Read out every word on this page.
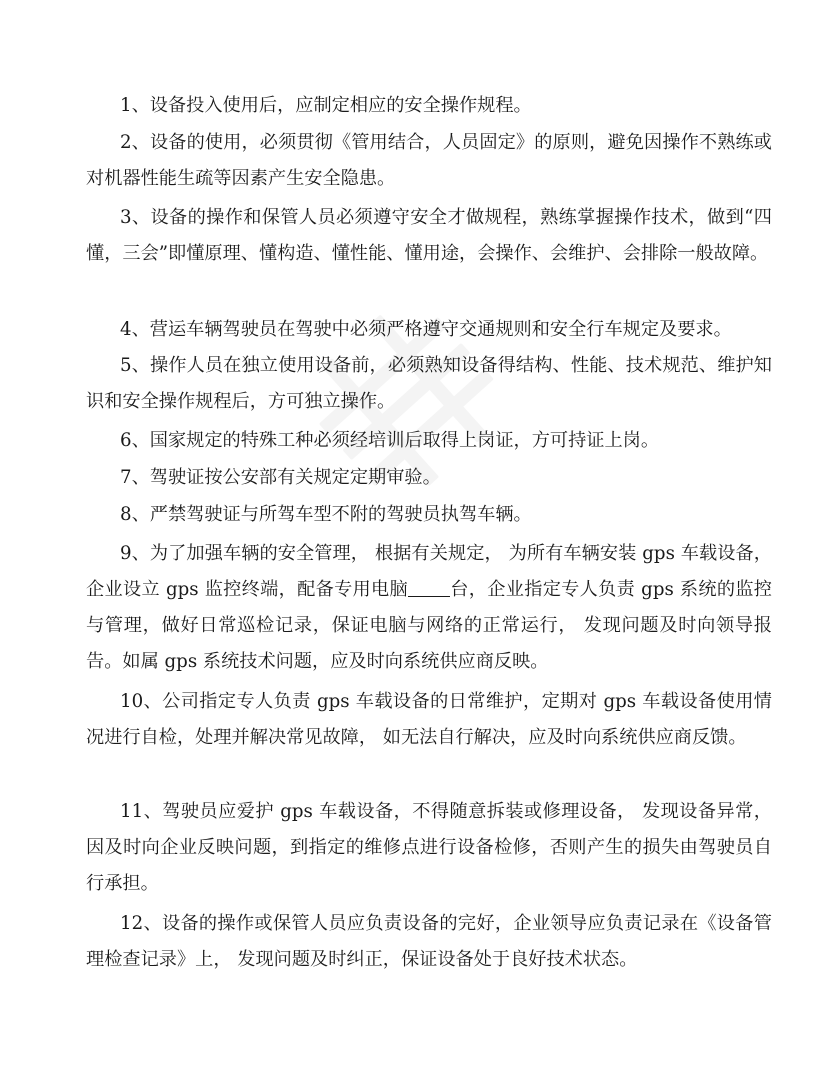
1、设备投入使用后，应制定相应的安全操作规程。

2、设备的使用，必须贯彻《管用结合，人员固定》的原则，避免因操作不熟练或对机器性能生疏等因素产生安全隐患。

3、设备的操作和保管人员必须遵守安全才做规程，熟练掌握操作技术，做到“四懂，三会”即懂原理、懂构造、懂性能、懂用途，会操作、会维护、会排除一般故障。

4、营运车辆驾驶员在驾驶中必须严格遵守交通规则和安全行车规定及要求。

5、操作人员在独立使用设备前，必须熟知设备得结构、性能、技术规范、维护知识和安全操作规程后，方可独立操作。

6、国家规定的特殊工种必须经培训后取得上岗证，方可持证上岗。

7、驾驶证按公安部有关规定定期审验。

8、严禁驾驶证与所驾车型不附的驾驶员执驾车辆。

9、为了加强车辆的安全管理， 根据有关规定， 为所有车辆安装 gps 车载设备， 企业设立 gps 监控终端，配备专用电脑 台，企业指定专人负责 gps 系统的监控与管理，做好日常巡检记录，保证电脑与网络的正常运行， 发现问题及时向领导报告。如属 gps 系统技术问题，应及时向系统供应商反映。

10、公司指定专人负责 gps 车载设备的日常维护，定期对 gps 车载设备使用情况进行自检，处理并解决常见故障， 如无法自行解决，应及时向系统供应商反馈。

11、驾驶员应爱护 gps 车载设备，不得随意拆装或修理设备， 发现设备异常，因及时向企业反映问题，到指定的维修点进行设备检修，否则产生的损失由驾驶员自行承担。

12、设备的操作或保管人员应负责设备的完好，企业领导应负责记录在《设备管理检查记录》上， 发现问题及时纠正，保证设备处于良好技术状态。
